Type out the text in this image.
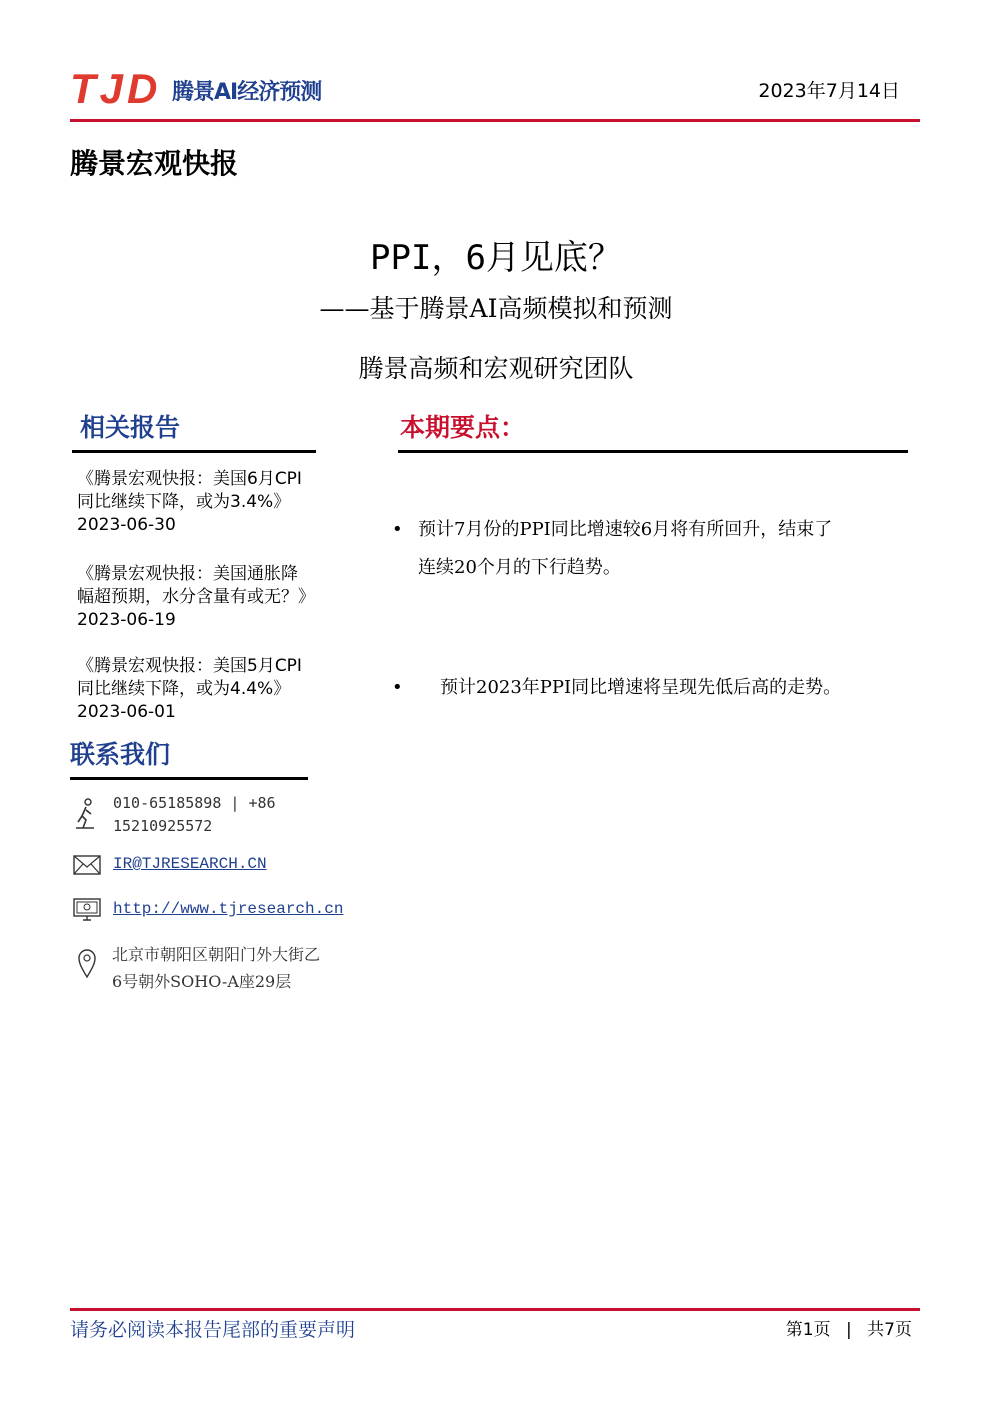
TJD 腾景AI经济预测	2023年7月14日
腾景宏观快报
PPI，6月见底？
——基于腾景AI高频模拟和预测
腾景高频和宏观研究团队
相关报告
《腾景宏观快报：美国6月CPI
同比继续下降，或为3.4%》
2023-06-30
《腾景宏观快报：美国通胀降
幅超预期，水分含量有或无？》
2023-06-19
《腾景宏观快报：美国5月CPI
同比继续下降，或为4.4%》
2023-06-01
本期要点：
• 预计7月份的PPI同比增速较6月将有所回升，结束了
连续20个月的下行趋势。
• 预计2023年PPI同比增速将呈现先低后高的走势。
联系我们
010-65185898 | +86
15210925572
IR@TJRESEARCH.CN
http://www.tjresearch.cn
北京市朝阳区朝阳门外大街乙
6号朝外SOHO-A座29层
请务必阅读本报告尾部的重要声明	第1页 | 共7页
